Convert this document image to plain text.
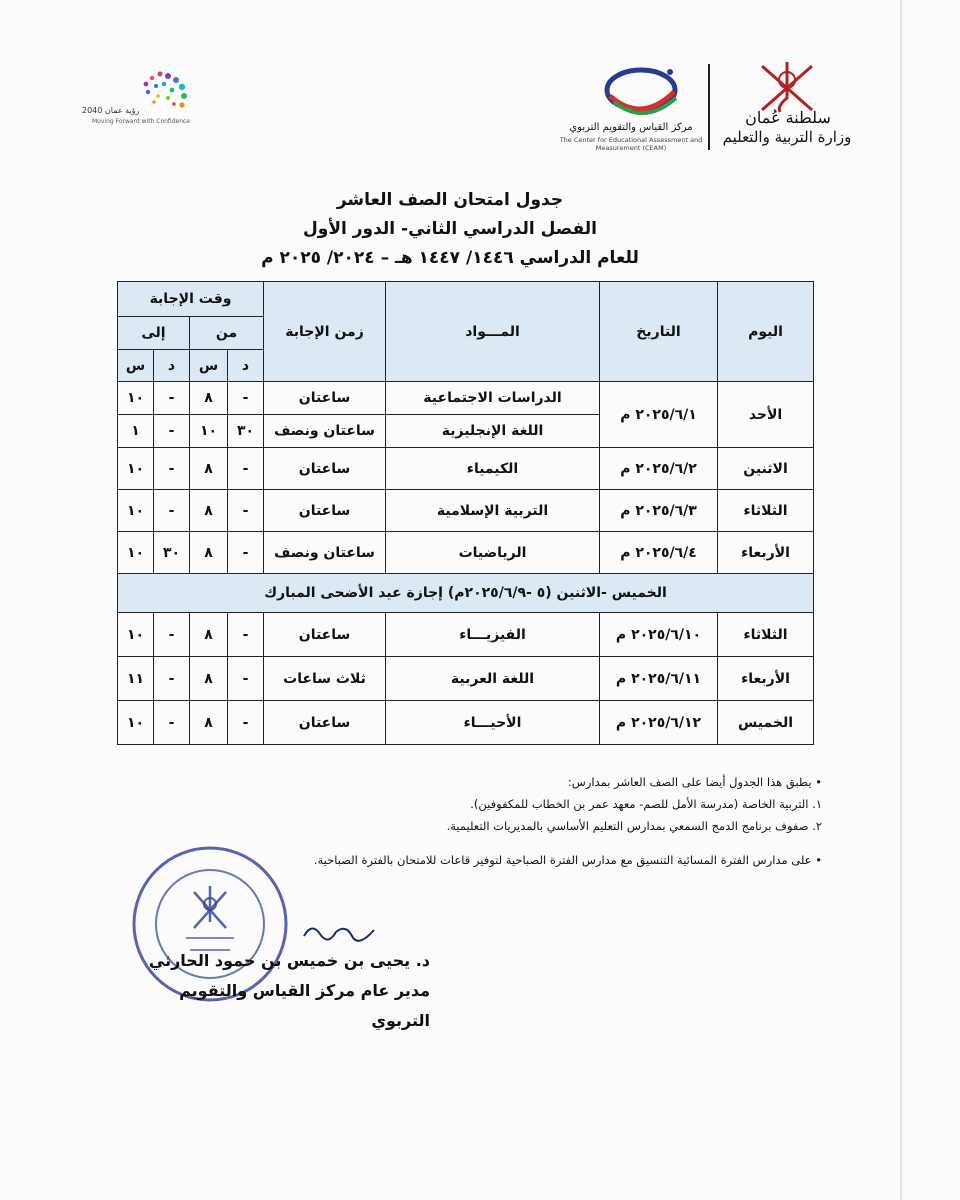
رؤية عمان 2040
Moving Forward with Confidence
مركز القياس والتقويم التربوي
The Center for Educational Assessment and Measurement (CEAM)
سلطنة عُمان
وزارة التربية والتعليم
جدول امتحان الصف العاشر
الفصل الدراسي الثاني- الدور الأول
للعام الدراسي ١٤٤٦/ ١٤٤٧ هـ – ٢٠٢٤/ ٢٠٢٥ م
اليوم	التاريخ	المـــواد	زمن الإجابة	وقت الإجابة			
				من		إلى	
				د	س	د	س
الأحد	٢٠٢٥/٦/١ م	الدراسات الاجتماعية	ساعتان	-	٨	-	١٠
		اللغة الإنجليزية	ساعتان ونصف	٣٠	١٠	-	١
الاثنين	٢٠٢٥/٦/٢ م	الكيمياء	ساعتان	-	٨	-	١٠
الثلاثاء	٢٠٢٥/٦/٣ م	التربية الإسلامية	ساعتان	-	٨	-	١٠
الأربعاء	٢٠٢٥/٦/٤ م	الرياضيات	ساعتان ونصف	-	٨	٣٠	١٠
الخميس -الاثنين (٥ -٢٠٢٥/٦/٩م) إجازة عيد الأضحى المبارك							
الثلاثاء	٢٠٢٥/٦/١٠ م	الفيزيـــاء	ساعتان	-	٨	-	١٠
الأربعاء	٢٠٢٥/٦/١١ م	اللغة العربية	ثلاث ساعات	-	٨	-	١١
الخميس	٢٠٢٥/٦/١٢ م	الأحيـــاء	ساعتان	-	٨	-	١٠
• يطبق هذا الجدول أيضا على الصف العاشر بمدارس:
١. التربية الخاصة (مدرسة الأمل للصم- معهد عمر بن الخطاب للمكفوفين).
٢. صفوف برنامج الدمج السمعي بمدارس التعليم الأساسي بالمديريات التعليمية.
• على مدارس الفترة المسائية التنسيق مع مدارس الفترة الصباحية لتوفير قاعات للامتحان بالفترة الصباحية.
د. يحيى بن خميس بن حمود الحارثي
مدير عام مركز القياس والتقويم التربوي
